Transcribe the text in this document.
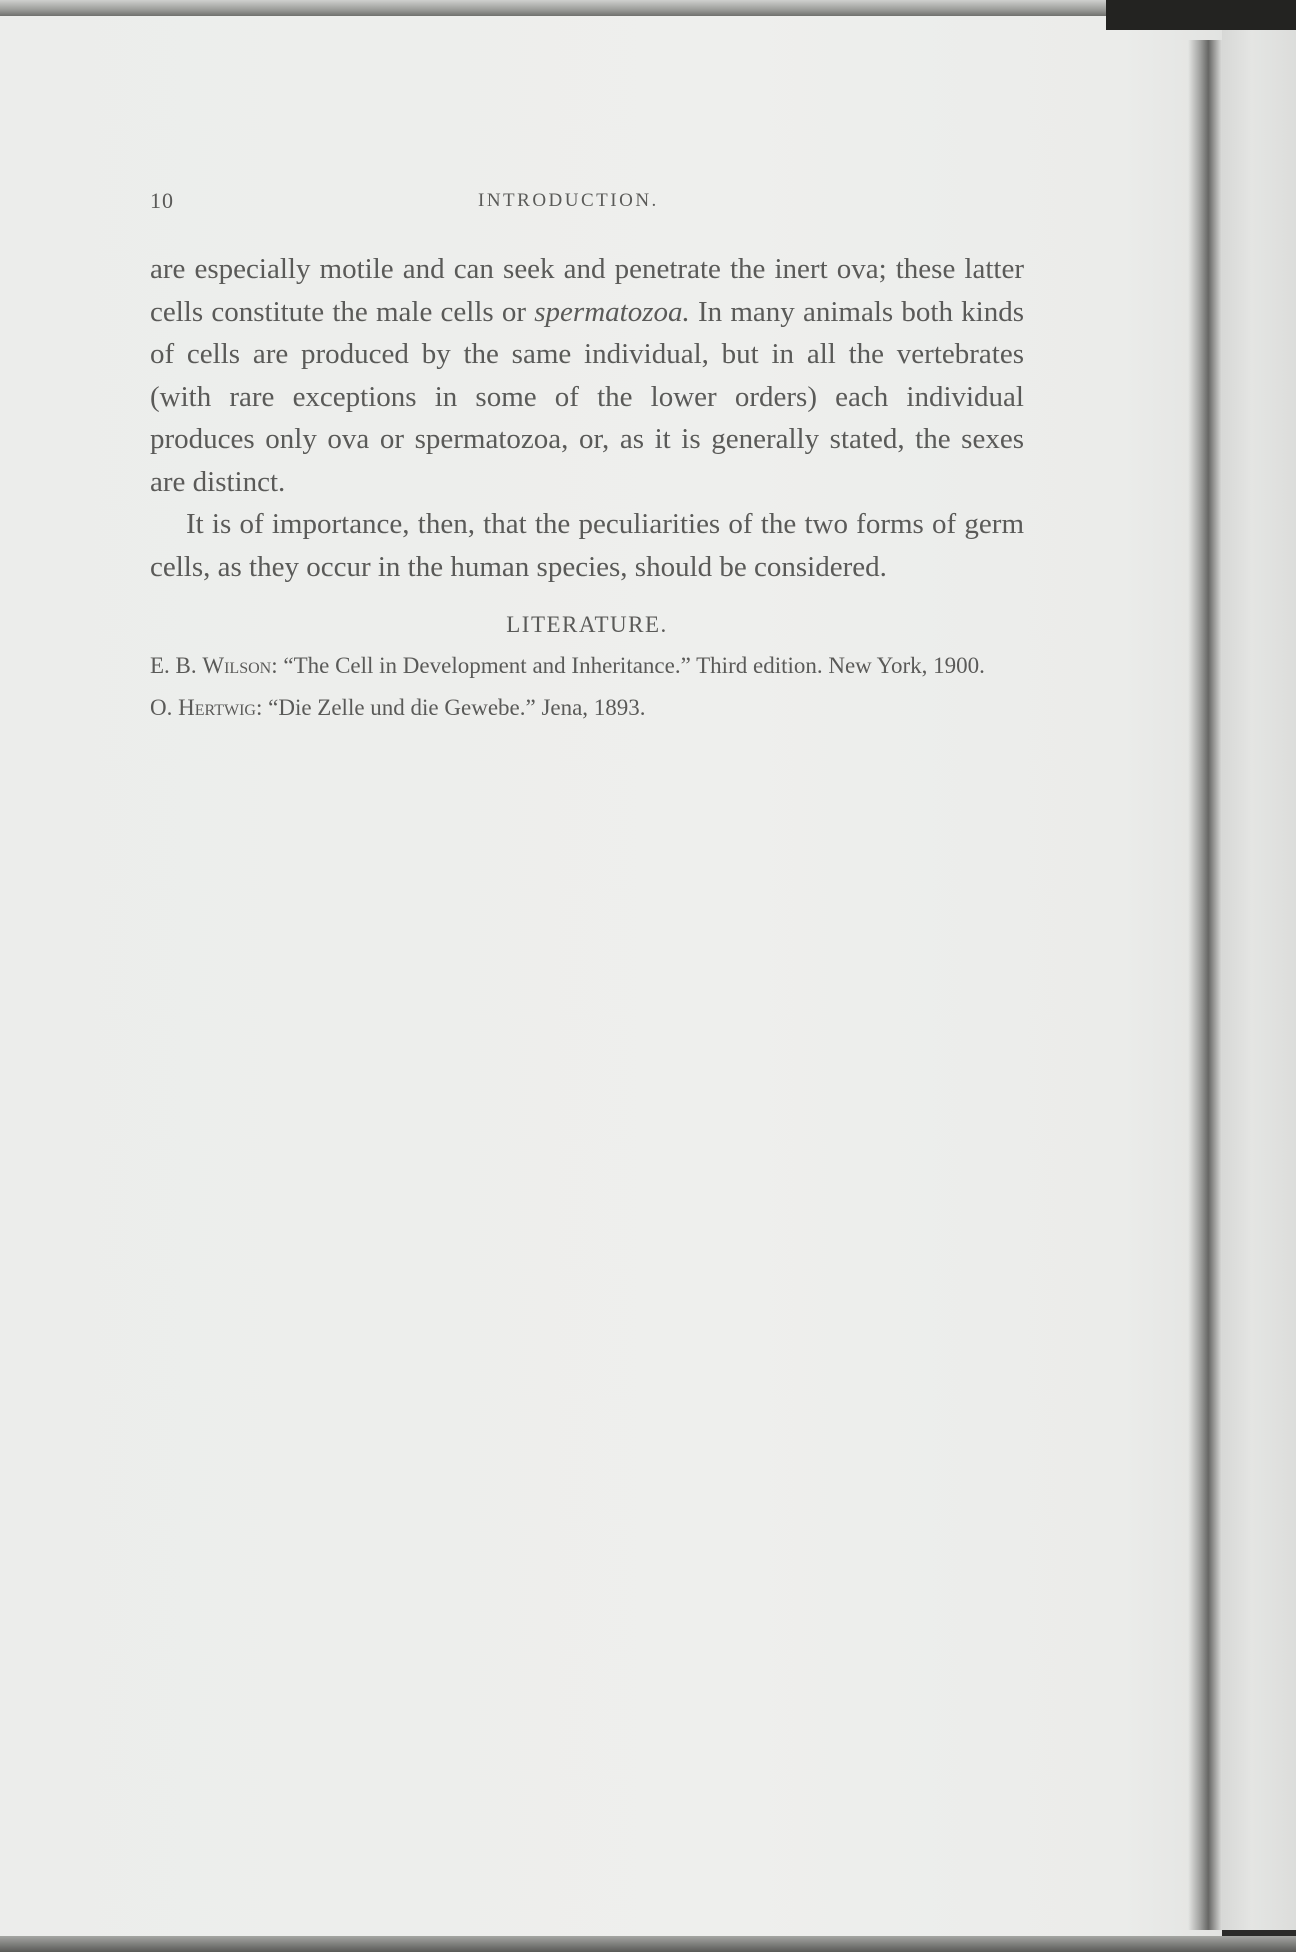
10	INTRODUCTION.

are especially motile and can seek and penetrate the inert ova; these latter cells constitute the male cells or spermatozoa. In many animals both kinds of cells are produced by the same individual, but in all the vertebrates (with rare exceptions in some of the lower orders) each individual produces only ova or spermatozoa, or, as it is generally stated, the sexes are distinct.

It is of importance, then, that the peculiarities of the two forms of germ cells, as they occur in the human species, should be considered.

LITERATURE.

E. B. Wilson: “The Cell in Development and Inheritance.” Third edition. New York, 1900.

O. Hertwig: “Die Zelle und die Gewebe.” Jena, 1893.
